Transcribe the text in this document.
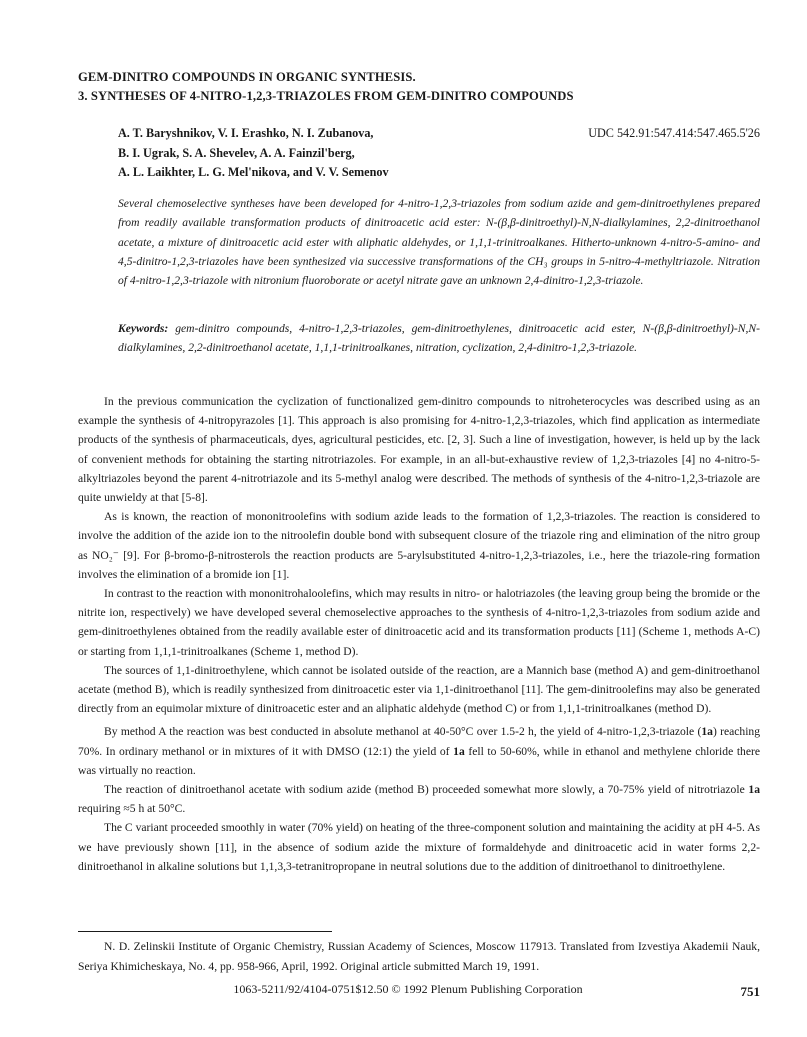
GEM-DINITRO COMPOUNDS IN ORGANIC SYNTHESIS.
3. SYNTHESES OF 4-NITRO-1,2,3-TRIAZOLES FROM GEM-DINITRO COMPOUNDS
A. T. Baryshnikov, V. I. Erashko, N. I. Zubanova,
B. I. Ugrak, S. A. Shevelev, A. A. Fainzil'berg,
A. L. Laikhter, L. G. Mel'nikova, and V. V. Semenov
UDC 542.91:547.414:547.465.5'26
Several chemoselective syntheses have been developed for 4-nitro-1,2,3-triazoles from sodium azide and gem-dinitroethylenes prepared from readily available transformation products of dinitroacetic acid ester: N-(β,β-dinitroethyl)-N,N-dialkylamines, 2,2-dinitroethanol acetate, a mixture of dinitroacetic acid ester with aliphatic aldehydes, or 1,1,1-trinitroalkanes. Hitherto-unknown 4-nitro-5-amino- and 4,5-dinitro-1,2,3-triazoles have been synthesized via successive transformations of the CH₃ groups in 5-nitro-4-methyltriazole. Nitration of 4-nitro-1,2,3-triazole with nitronium fluoroborate or acetyl nitrate gave an unknown 2,4-dinitro-1,2,3-triazole.
Keywords: gem-dinitro compounds, 4-nitro-1,2,3-triazoles, gem-dinitroethylenes, dinitroacetic acid ester, N-(β,β-dinitroethyl)-N,N-dialkylamines, 2,2-dinitroethanol acetate, 1,1,1-trinitroalkanes, nitration, cyclization, 2,4-dinitro-1,2,3-triazole.

In the previous communication the cyclization of functionalized gem-dinitro compounds to nitroheterocycles was described using as an example the synthesis of 4-nitropyrazoles [1]. This approach is also promising for 4-nitro-1,2,3-triazoles, which find application as intermediate products of the synthesis of pharmaceuticals, dyes, agricultural pesticides, etc. [2, 3]. Such a line of investigation, however, is held up by the lack of convenient methods for obtaining the starting nitrotriazoles. For example, in an all-but-exhaustive review of 1,2,3-triazoles [4] no 4-nitro-5-alkyltriazoles beyond the parent 4-nitrotriazole and its 5-methyl analog were described. The methods of synthesis of the 4-nitro-1,2,3-triazole are quite unwieldy at that [5-8].

As is known, the reaction of mononitroolefins with sodium azide leads to the formation of 1,2,3-triazoles. The reaction is considered to involve the addition of the azide ion to the nitroolefin double bond with subsequent closure of the triazole ring and elimination of the nitro group as NO₂⁻ [9]. For β-bromo-β-nitrosterols the reaction products are 5-arylsubstituted 4-nitro-1,2,3-triazoles, i.e., here the triazole-ring formation involves the elimination of a bromide ion [1].

In contrast to the reaction with mononitrohaloolefins, which may results in nitro- or halotriazoles (the leaving group being the bromide or the nitrite ion, respectively) we have developed several chemoselective approaches to the synthesis of 4-nitro-1,2,3-triazoles from sodium azide and gem-dinitroethylenes obtained from the readily available ester of dinitroacetic acid and its transformation products [11] (Scheme 1, methods A-C) or starting from 1,1,1-trinitroalkanes (Scheme 1, method D).

The sources of 1,1-dinitroethylene, which cannot be isolated outside of the reaction, are a Mannich base (method A) and gem-dinitroethanol acetate (method B), which is readily synthesized from dinitroacetic ester via 1,1-dinitroethanol [11]. The gem-dinitroolefins may also be generated directly from an equimolar mixture of dinitroacetic ester and an aliphatic aldehyde (method C) or from 1,1,1-trinitroalkanes (method D).

By method A the reaction was best conducted in absolute methanol at 40-50°C over 1.5-2 h, the yield of 4-nitro-1,2,3-triazole (1a) reaching 70%. In ordinary methanol or in mixtures of it with DMSO (12:1) the yield of 1a fell to 50-60%, while in ethanol and methylene chloride there was virtually no reaction.

The reaction of dinitroethanol acetate with sodium azide (method B) proceeded somewhat more slowly, a 70-75% yield of nitrotriazole 1a requiring ≈5 h at 50°C.

The C variant proceeded smoothly in water (70% yield) on heating of the three-component solution and maintaining the acidity at pH 4-5. As we have previously shown [11], in the absence of sodium azide the mixture of formaldehyde and dinitroacetic acid in water forms 2,2-dinitroethanol in alkaline solutions but 1,1,3,3-tetranitropropane in neutral solutions due to the addition of dinitroethanol to dinitroethylene.

N. D. Zelinskii Institute of Organic Chemistry, Russian Academy of Sciences, Moscow 117913. Translated from Izvestiya Akademii Nauk, Seriya Khimicheskaya, No. 4, pp. 958-966, April, 1992. Original article submitted March 19, 1991.

1063-5211/92/4104-0751$12.50 © 1992 Plenum Publishing Corporation	751
